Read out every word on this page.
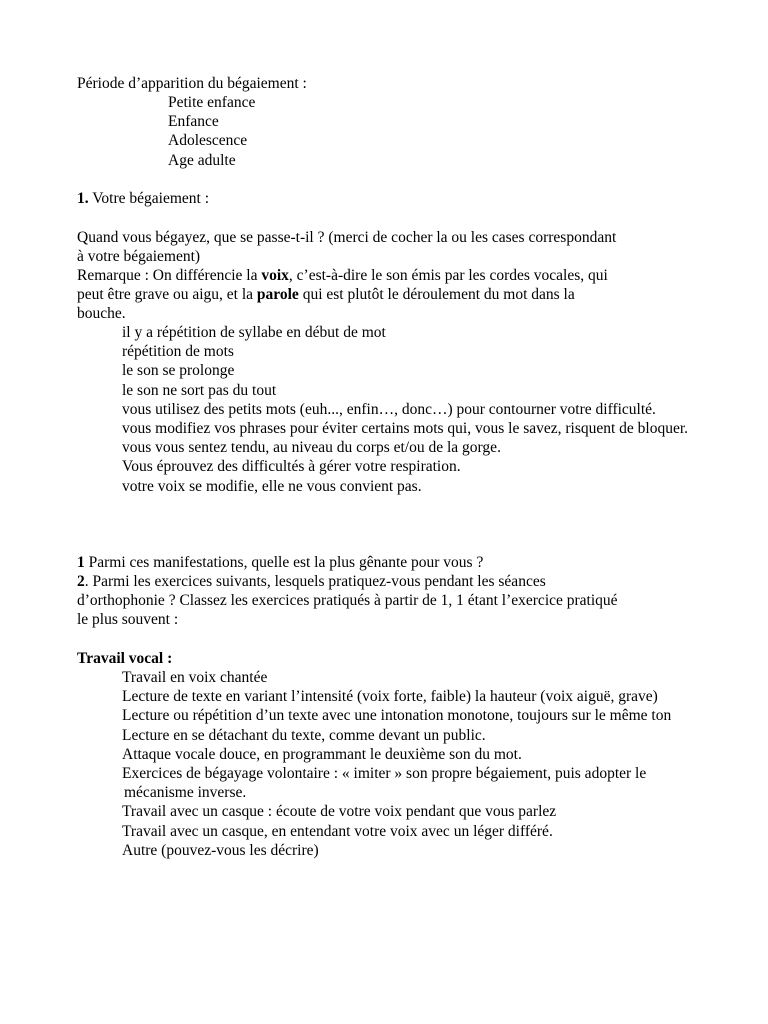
Période d’apparition du bégaiement :
Petite enfance
Enfance
Adolescence
Age adulte
1. Votre bégaiement :
Quand vous bégayez, que se passe-t-il ? (merci de cocher la ou les cases correspondant
à votre bégaiement)
Remarque : On différencie la voix, c’est-à-dire le son émis par les cordes vocales, qui
peut être grave ou aigu, et la parole qui est plutôt le déroulement du mot dans la
bouche.
il y a répétition de syllabe en début de mot
répétition de mots
le son se prolonge
le son ne sort pas du tout
vous utilisez des petits mots (euh..., enfin…, donc…) pour contourner votre difficulté.
vous modifiez vos phrases pour éviter certains mots qui, vous le savez, risquent de bloquer.
vous vous sentez tendu, au niveau du corps et/ou de la gorge.
Vous éprouvez des difficultés à gérer votre respiration.
votre voix se modifie, elle ne vous convient pas.
1 Parmi ces manifestations, quelle est la plus gênante pour vous ?
2. Parmi les exercices suivants, lesquels pratiquez-vous pendant les séances
d’orthophonie ? Classez les exercices pratiqués à partir de 1, 1 étant l’exercice pratiqué
le plus souvent :
Travail vocal :
Travail en voix chantée
Lecture de texte en variant l’intensité (voix forte, faible) la hauteur (voix aiguë, grave)
Lecture ou répétition d’un texte avec une intonation monotone, toujours sur le même ton
Lecture en se détachant du texte, comme devant un public.
Attaque vocale douce, en programmant le deuxième son du mot.
Exercices de bégayage volontaire : « imiter » son propre bégaiement, puis adopter le mécanisme inverse.
Travail avec un casque : écoute de votre voix pendant que vous parlez
Travail avec un casque, en entendant votre voix avec un léger différé.
Autre (pouvez-vous les décrire)
